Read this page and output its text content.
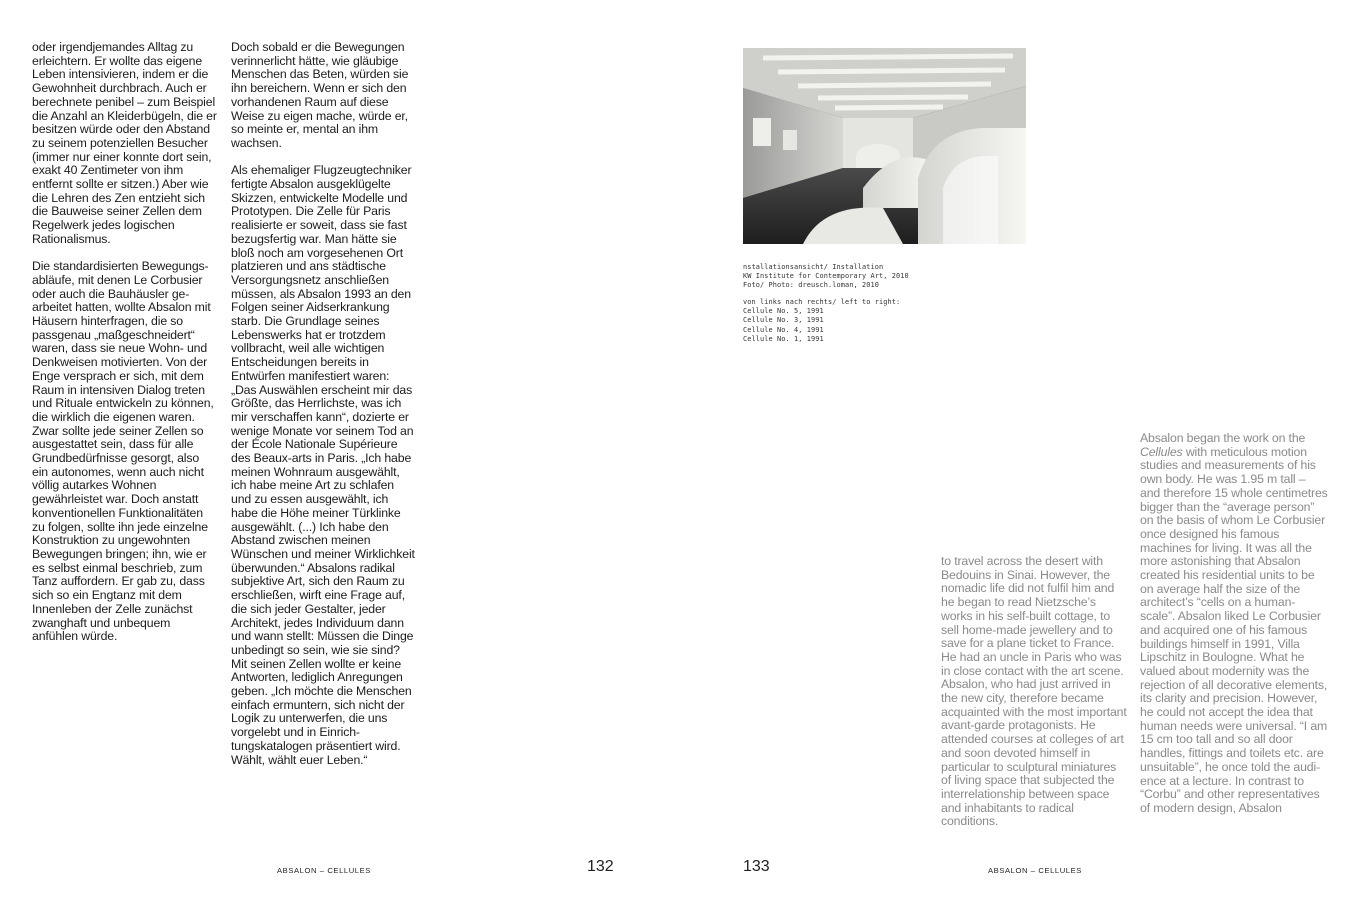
oder irgendjemandes Alltag zu erleichtern. Er wollte das eigene Leben intensivieren, indem er die Gewohnheit durchbrach. Auch er berechnete penibel – zum Beispiel die Anzahl an Kleiderbügeln, die er besitzen würde oder den Abstand zu seinem potenziellen Besucher (immer nur einer konnte dort sein, exakt 40 Zentimeter von ihm entfernt sollte er sitzen.) Aber wie die Lehren des Zen entzieht sich die Bauweise seiner Zellen dem Regelwerk jedes logischen Rationalismus.

Die standardisierten Bewegungsabläufe, mit denen Le Corbusier oder auch die Bauhäusler gearbeitet hatten, wollte Absalon mit Häusern hinterfragen, die so passgenau „maßgeschneidert“ waren, dass sie neue Wohn- und Denkweisen motivierten. Von der Enge versprach er sich, mit dem Raum in intensiven Dialog treten und Rituale entwickeln zu können, die wirklich die eigenen waren. Zwar sollte jede seiner Zellen so ausgestattet sein, dass für alle Grundbedürfnisse gesorgt, also ein autonomes, wenn auch nicht völlig autarkes Wohnen gewährleistet war. Doch anstatt konventionellen Funktionalitäten zu folgen, sollte ihn jede einzelne Konstruktion zu ungewohnten Bewegungen bringen; ihn, wie er es selbst einmal beschrieb, zum Tanz auffordern. Er gab zu, dass sich so ein Engtanz mit dem Innenleben der Zelle zunächst zwanghaft und unbequem anfühlen würde.

Doch sobald er die Bewegungen verinnerlicht hätte, wie gläubige Menschen das Beten, würden sie ihn bereichern. Wenn er sich den vorhandenen Raum auf diese Weise zu eigen mache, würde er, so meinte er, mental an ihm wachsen.

Als ehemaliger Flugzeugtechniker fertigte Absalon ausgeklügelte Skizzen, entwickelte Modelle und Prototypen. Die Zelle für Paris realisierte er soweit, dass sie fast bezugsfertig war. Man hätte sie bloß noch am vorgesehenen Ort platzieren und ans städtische Versorgungsnetz anschließen müssen, als Absalon 1993 an den Folgen seiner Aidserkrankung starb. Die Grundlage seines Lebenswerks hat er trotzdem vollbracht, weil alle wichtigen Entscheidungen bereits in Entwürfen manifestiert waren: „Das Auswählen erscheint mir das Größte, das Herrlichste, was ich mir verschaffen kann“, dozierte er wenige Monate vor seinem Tod an der École Nationale Supérieure des Beaux-arts in Paris. „Ich habe meinen Wohnraum ausgewählt, ich habe meine Art zu schlafen und zu essen ausgewählt, ich habe die Höhe meiner Türklinke ausgewählt. (...) Ich habe den Abstand zwischen meinen Wünschen und meiner Wirklichkeit überwunden.“ Absalons radikal subjektive Art, sich den Raum zu erschließen, wirft eine Frage auf, die sich jeder Gestalter, jeder Architekt, jedes Individuum dann und wann stellt: Müssen die Dinge unbedingt so sein, wie sie sind? Mit seinen Zellen wollte er keine Antworten, lediglich Anregungen geben. „Ich möchte die Menschen einfach ermuntern, sich nicht der Logik zu unterwerfen, die uns vorgelebt und in Einrichtungskatalogen präsentiert wird. Wählt, wählt euer Leben.“

ABSALON – CELLULES	132
nstallationsansicht/ Installation
KW Institute for Contemporary Art, 2010
Foto/ Photo: dreusch.loman, 2010
von links nach rechts/ left to right:
Cellule No. 5, 1991
Cellule No. 3, 1991
Cellule No. 4, 1991
Cellule No. 1, 1991

to travel across the desert with Bedouins in Sinai. However, the nomadic life did not fulfil him and he began to read Nietzsche’s works in his self-built cottage, to sell home-made jewellery and to save for a plane ticket to France. He had an uncle in Paris who was in close contact with the art scene. Absalon, who had just arrived in the new city, therefore became acquainted with the most important avant-garde protagonists. He attended courses at colleges of art and soon devoted himself in particular to sculptural miniatures of living space that subjected the interrelationship between space and inhabitants to radical conditions.

Absalon began the work on the Cellules with meticulous motion studies and measurements of his own body. He was 1.95 m tall – and therefore 15 whole centimetres bigger than the “average person” on the basis of whom Le Corbusier once designed his famous machines for living. It was all the more astonishing that Absalon created his residential units to be on average half the size of the architect’s “cells on a human-scale”. Absalon liked Le Corbusier and acquired one of his famous buildings himself in 1991, Villa Lipschitz in Boulogne. What he valued about modernity was the rejection of all decorative elements, its clarity and precision. However, he could not accept the idea that human needs were universal. “I am 15 cm too tall and so all door handles, fittings and toilets etc. are unsuitable”, he once told the audience at a lecture. In contrast to “Corbu” and other representatives of modern design, Absalon

133	ABSALON – CELLULES
